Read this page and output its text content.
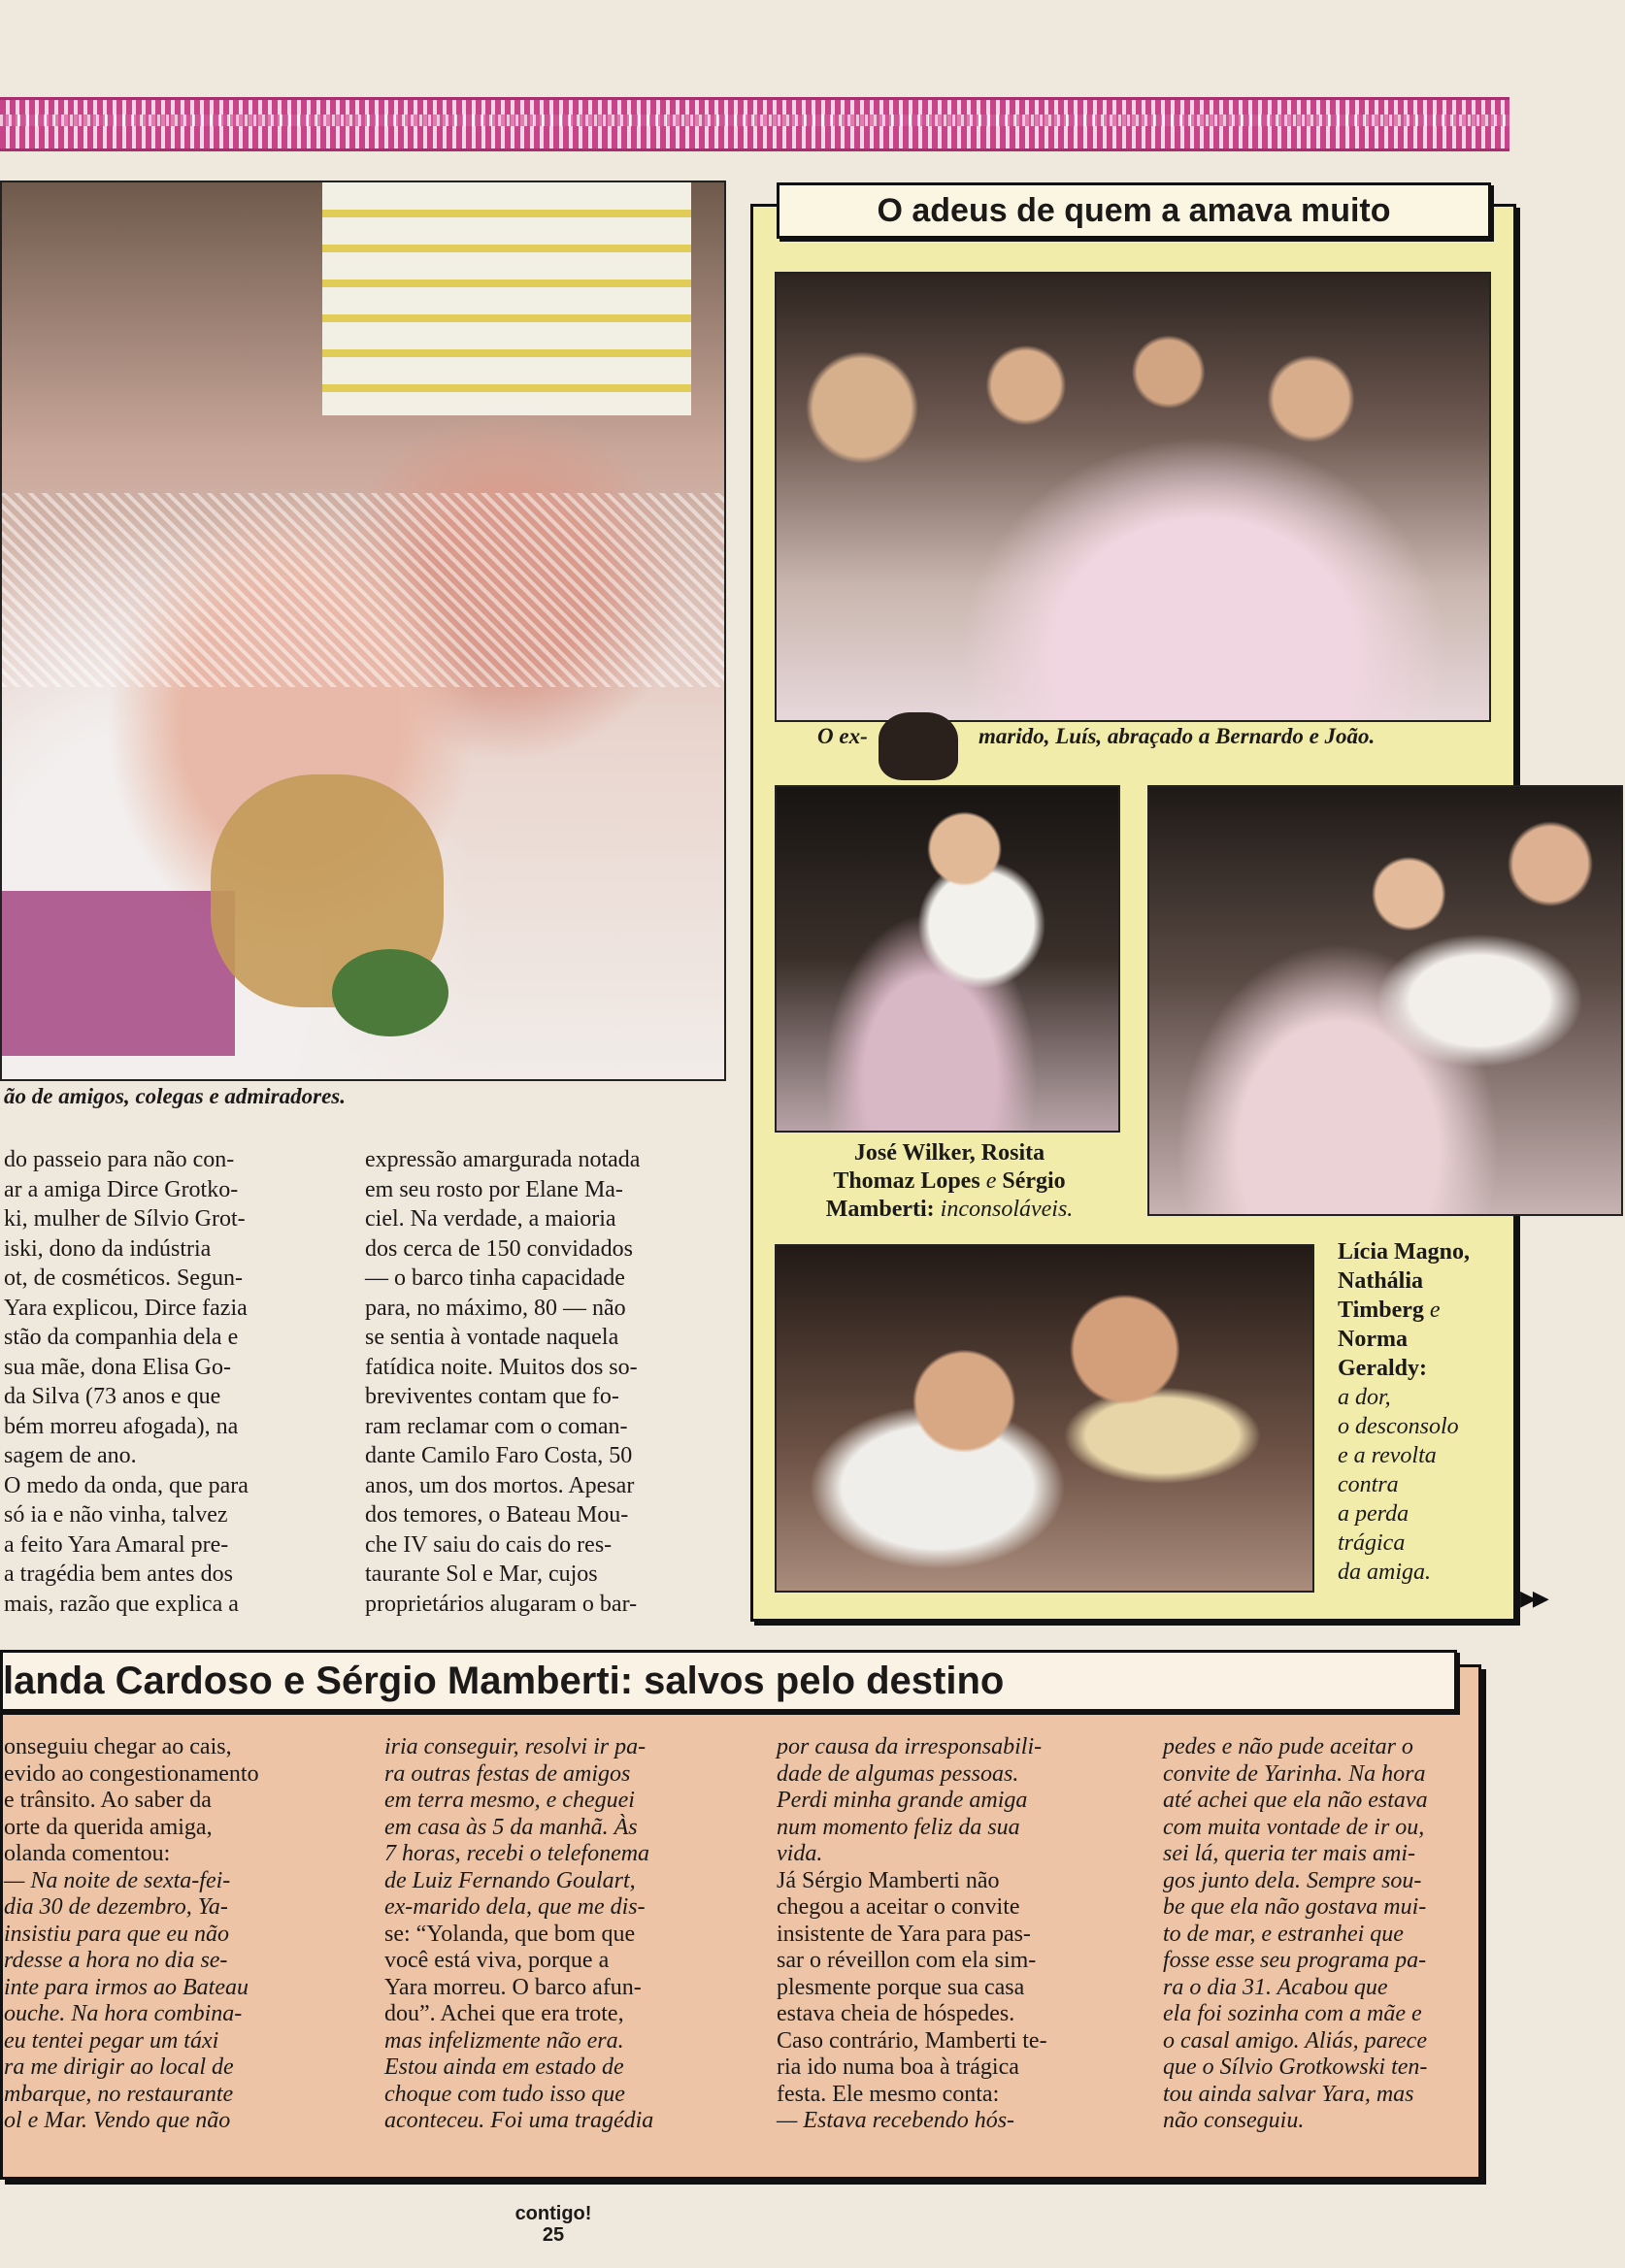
ão de amigos, colegas e admiradores.

do passeio para não con-

ar a amiga Dirce Grotko-

ki, mulher de Sílvio Grot-

iski, dono da indústria

ot, de cosméticos. Segun-

Yara explicou, Dirce fazia

stão da companhia dela e

sua mãe, dona Elisa Go-

da Silva (73 anos e que

bém morreu afogada), na

sagem de ano.

O medo da onda, que para

só ia e não vinha, talvez

a feito Yara Amaral pre-

a tragédia bem antes dos

mais, razão que explica a

expressão amargurada notada

em seu rosto por Elane Ma-

ciel. Na verdade, a maioria

dos cerca de 150 convidados

— o barco tinha capacidade

para, no máximo, 80 — não

se sentia à vontade naquela

fatídica noite. Muitos dos so-

breviventes contam que fo-

ram reclamar com o coman-

dante Camilo Faro Costa, 50

anos, um dos mortos. Apesar

dos temores, o Bateau Mou-

che IV saiu do cais do res-

taurante Sol e Mar, cujos

proprietários alugaram o bar-

O adeus de quem a amava muito
O ex-	marido, Luís, abraçado a Bernardo e João.
José Wilker, Rosita
Thomaz Lopes e Sérgio
Mamberti: inconsoláveis.
Lícia Magno,
Nathália
Timberg e
Norma
Geraldy:
a dor,
o desconsolo
e a revolta
contra
a perda
trágica
da amiga.
▶▶
landa Cardoso e Sérgio Mamberti: salvos pelo destino

onseguiu chegar ao cais,

evido ao congestionamento

e trânsito. Ao saber da

orte da querida amiga,

olanda comentou:

— Na noite de sexta-fei-

dia 30 de dezembro, Ya-

insistiu para que eu não

rdesse a hora no dia se-

inte para irmos ao Bateau

ouche. Na hora combina-

eu tentei pegar um táxi

ra me dirigir ao local de

mbarque, no restaurante

ol e Mar. Vendo que não

iria conseguir, resolvi ir pa-

ra outras festas de amigos

em terra mesmo, e cheguei

em casa às 5 da manhã. Às

7 horas, recebi o telefonema

de Luiz Fernando Goulart,

ex-marido dela, que me dis-

se: “Yolanda, que bom que

você está viva, porque a

Yara morreu. O barco afun-

dou”. Achei que era trote,

mas infelizmente não era.

Estou ainda em estado de

choque com tudo isso que

aconteceu. Foi uma tragédia

por causa da irresponsabili-

dade de algumas pessoas.

Perdi minha grande amiga

num momento feliz da sua

vida.

Já Sérgio Mamberti não

chegou a aceitar o convite

insistente de Yara para pas-

sar o réveillon com ela sim-

plesmente porque sua casa

estava cheia de hóspedes.

Caso contrário, Mamberti te-

ria ido numa boa à trágica

festa. Ele mesmo conta:

— Estava recebendo hós-

pedes e não pude aceitar o

convite de Yarinha. Na hora

até achei que ela não estava

com muita vontade de ir ou,

sei lá, queria ter mais ami-

gos junto dela. Sempre sou-

be que ela não gostava mui-

to de mar, e estranhei que

fosse esse seu programa pa-

ra o dia 31. Acabou que

ela foi sozinha com a mãe e

o casal amigo. Aliás, parece

que o Sílvio Grotkowski ten-

tou ainda salvar Yara, mas

não conseguiu.

contigo!
25
